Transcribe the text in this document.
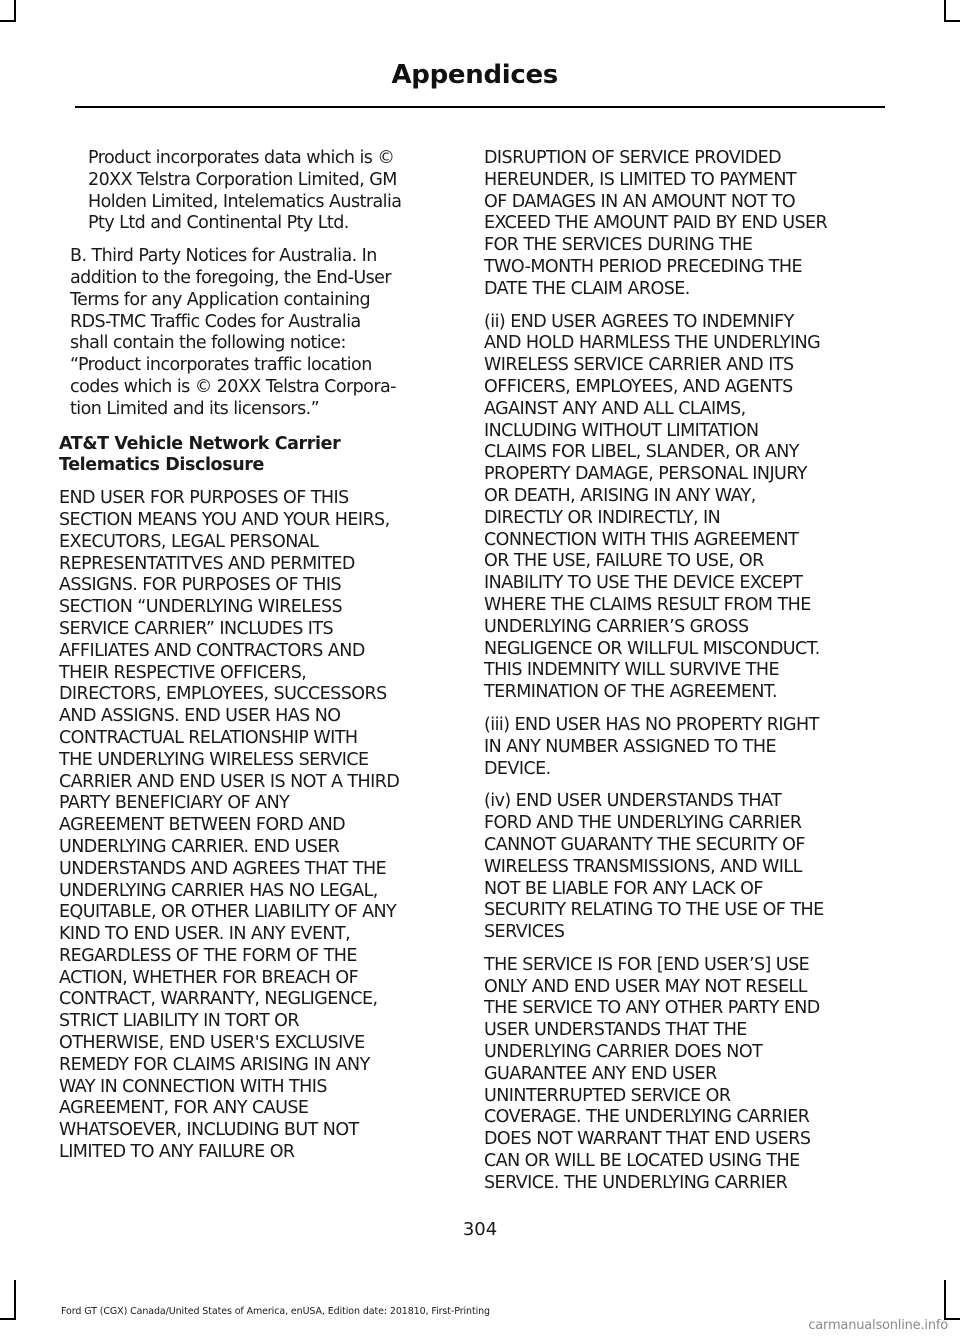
Appendices

Product incorporates data which is ©
20XX Telstra Corporation Limited, GM
Holden Limited, Intelematics Australia
Pty Ltd and Continental Pty Ltd.

B. Third Party Notices for Australia. In
addition to the foregoing, the End-User
Terms for any Application containing
RDS-TMC Traffic Codes for Australia
shall contain the following notice:
“Product incorporates traffic location
codes which is © 20XX Telstra Corpora-
tion Limited and its licensors.”

AT&T Vehicle Network Carrier
Telematics Disclosure

END USER FOR PURPOSES OF THIS
SECTION MEANS YOU AND YOUR HEIRS,
EXECUTORS, LEGAL PERSONAL
REPRESENTATITVES AND PERMITED
ASSIGNS. FOR PURPOSES OF THIS
SECTION “UNDERLYING WIRELESS
SERVICE CARRIER” INCLUDES ITS
AFFILIATES AND CONTRACTORS AND
THEIR RESPECTIVE OFFICERS,
DIRECTORS, EMPLOYEES, SUCCESSORS
AND ASSIGNS. END USER HAS NO
CONTRACTUAL RELATIONSHIP WITH
THE UNDERLYING WIRELESS SERVICE
CARRIER AND END USER IS NOT A THIRD
PARTY BENEFICIARY OF ANY
AGREEMENT BETWEEN FORD AND
UNDERLYING CARRIER. END USER
UNDERSTANDS AND AGREES THAT THE
UNDERLYING CARRIER HAS NO LEGAL,
EQUITABLE, OR OTHER LIABILITY OF ANY
KIND TO END USER. IN ANY EVENT,
REGARDLESS OF THE FORM OF THE
ACTION, WHETHER FOR BREACH OF
CONTRACT, WARRANTY, NEGLIGENCE,
STRICT LIABILITY IN TORT OR
OTHERWISE, END USER'S EXCLUSIVE
REMEDY FOR CLAIMS ARISING IN ANY
WAY IN CONNECTION WITH THIS
AGREEMENT, FOR ANY CAUSE
WHATSOEVER, INCLUDING BUT NOT
LIMITED TO ANY FAILURE OR

DISRUPTION OF SERVICE PROVIDED
HEREUNDER, IS LIMITED TO PAYMENT
OF DAMAGES IN AN AMOUNT NOT TO
EXCEED THE AMOUNT PAID BY END USER
FOR THE SERVICES DURING THE
TWO-MONTH PERIOD PRECEDING THE
DATE THE CLAIM AROSE.

(ii) END USER AGREES TO INDEMNIFY
AND HOLD HARMLESS THE UNDERLYING
WIRELESS SERVICE CARRIER AND ITS
OFFICERS, EMPLOYEES, AND AGENTS
AGAINST ANY AND ALL CLAIMS,
INCLUDING WITHOUT LIMITATION
CLAIMS FOR LIBEL, SLANDER, OR ANY
PROPERTY DAMAGE, PERSONAL INJURY
OR DEATH, ARISING IN ANY WAY,
DIRECTLY OR INDIRECTLY, IN
CONNECTION WITH THIS AGREEMENT
OR THE USE, FAILURE TO USE, OR
INABILITY TO USE THE DEVICE EXCEPT
WHERE THE CLAIMS RESULT FROM THE
UNDERLYING CARRIER’S GROSS
NEGLIGENCE OR WILLFUL MISCONDUCT.
THIS INDEMNITY WILL SURVIVE THE
TERMINATION OF THE AGREEMENT.

(iii) END USER HAS NO PROPERTY RIGHT
IN ANY NUMBER ASSIGNED TO THE
DEVICE.

(iv) END USER UNDERSTANDS THAT
FORD AND THE UNDERLYING CARRIER
CANNOT GUARANTY THE SECURITY OF
WIRELESS TRANSMISSIONS, AND WILL
NOT BE LIABLE FOR ANY LACK OF
SECURITY RELATING TO THE USE OF THE
SERVICES

THE SERVICE IS FOR [END USER’S] USE
ONLY AND END USER MAY NOT RESELL
THE SERVICE TO ANY OTHER PARTY END
USER UNDERSTANDS THAT THE
UNDERLYING CARRIER DOES NOT
GUARANTEE ANY END USER
UNINTERRUPTED SERVICE OR
COVERAGE. THE UNDERLYING CARRIER
DOES NOT WARRANT THAT END USERS
CAN OR WILL BE LOCATED USING THE
SERVICE. THE UNDERLYING CARRIER

304
Ford GT (CGX) Canada/United States of America, enUSA, Edition date: 201810, First-Printing
carmanualsonline.info
